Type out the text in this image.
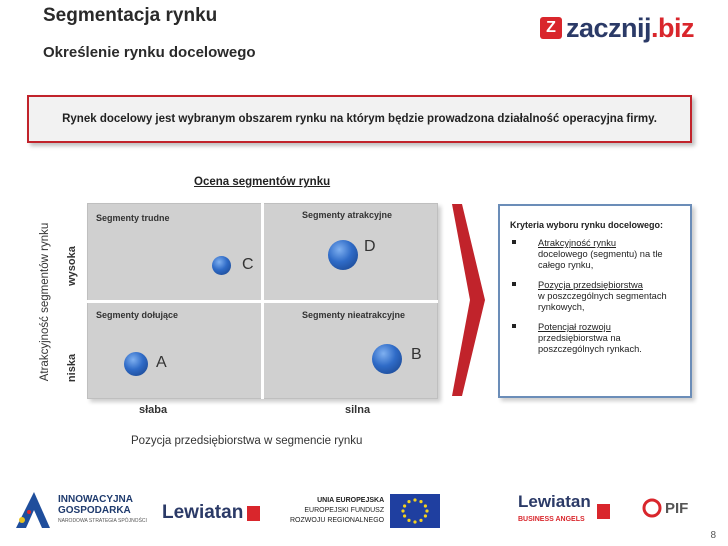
Segmentacja rynku
Określenie rynku docelowego
Z zacznij.biz
Rynek docelowy jest wybranym obszarem rynku na którym będzie prowadzona działalność operacyjna firmy.
Ocena segmentów rynku
Segmenty trudne	Segmenty atrakcyjne
Segmenty dołujące	Segmenty nieatrakcyjne
C
D
A	B
Atrakcyjność segmentów rynku wysoka
niska
słaba	silna
Pozycja przedsiębiorstwa w segmencie rynku
Kryteria wyboru rynku docelowego:
Atrakcyjność rynku
docelowego (segmentu) na tle całego rynku,
Pozycja przedsiębiorstwa
w poszczególnych segmentach rynkowych,
Potencjał rozwoju
przedsiębiorstwa na poszczególnych rynkach.
INNOWACYJNA
GOSPODARKA
NARODOWA STRATEGIA SPÓJNOŚCI Lewiatan
UNIA EUROPEJSKA
EUROPEJSKI FUNDUSZ
ROZWOJU REGIONALNEGO
Lewiatan
BUSINESS ANGELS
PIF
8
